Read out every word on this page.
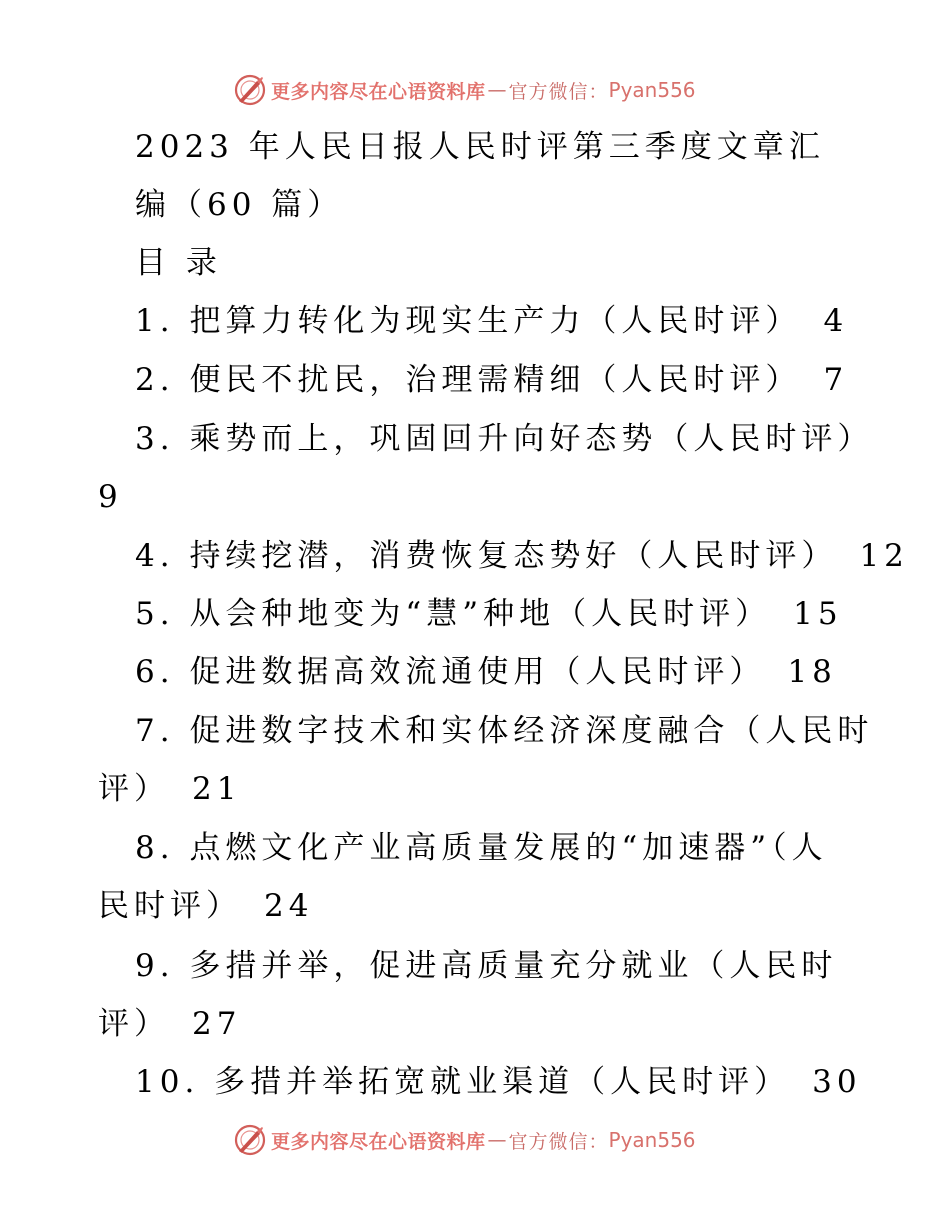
更多内容尽在心语资料库 — 官方微信： Pyan556
2023 年人民日报人民时评第三季度文章汇
编（60 篇）
目 录
1. 把算力转化为现实生产力（人民时评） 4
2. 便民不扰民，治理需精细（人民时评） 7
3. 乘势而上，巩固回升向好态势（人民时评）
9
4. 持续挖潜，消费恢复态势好（人民时评） 12
5. 从会种地变为“慧”种地（人民时评） 15
6. 促进数据高效流通使用（人民时评） 18
7. 促进数字技术和实体经济深度融合（人民时
评） 21
8. 点燃文化产业高质量发展的“加速器”（人
民时评） 24
9. 多措并举，促进高质量充分就业（人民时
评） 27
10. 多措并举拓宽就业渠道（人民时评） 30
更多内容尽在心语资料库 — 官方微信： Pyan556
